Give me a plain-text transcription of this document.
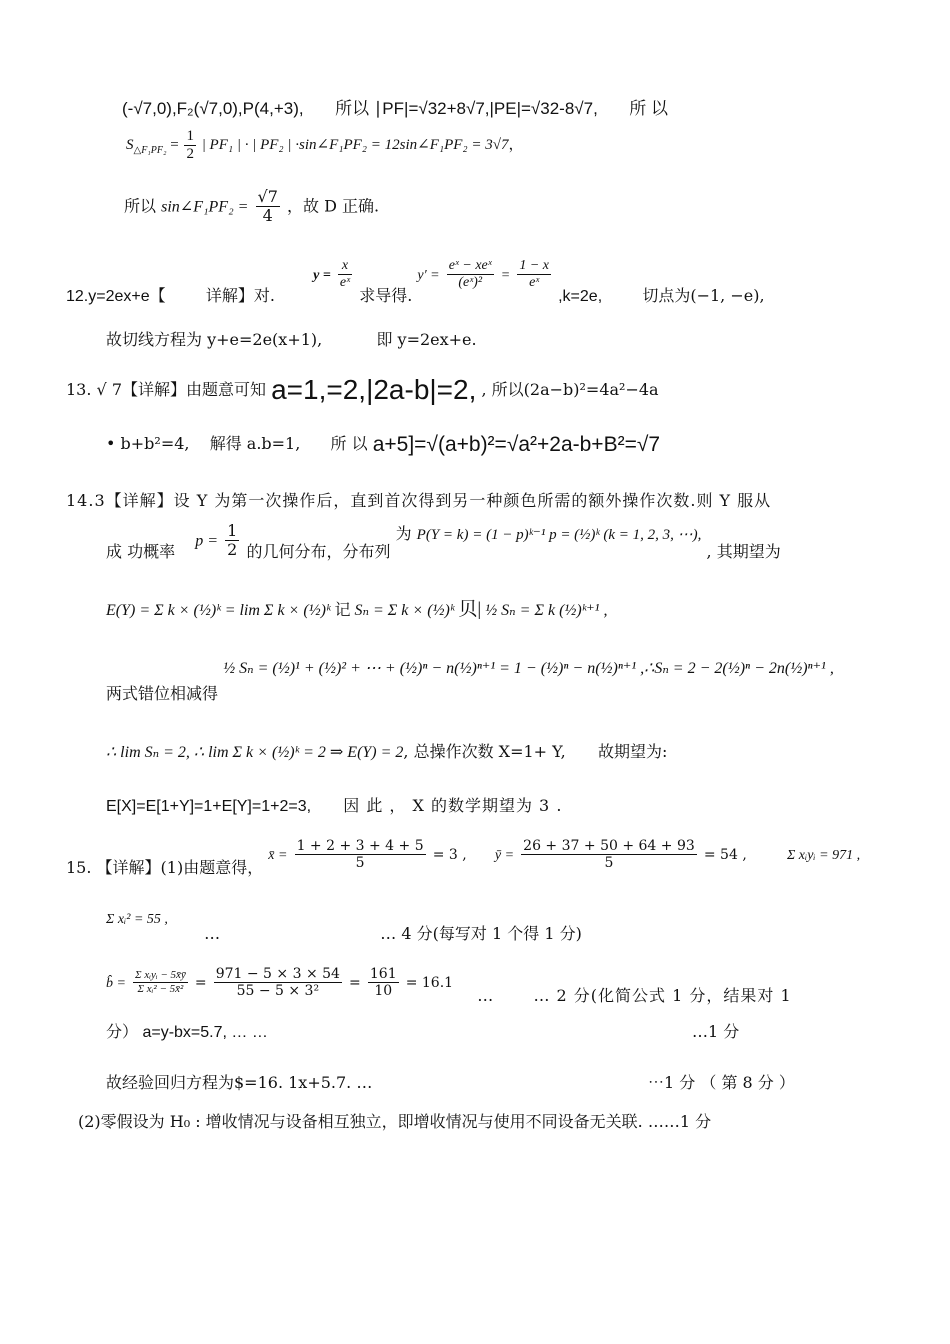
(-√7,0),F₂(√7,0),P(4,+3), 所以 ∣PF|=√32+8√7,|PE|=√32-8√7, 所 以
$S_{\triangle F_1PF_2} = \frac{1}{2}$ | PF₁ | · | PF₂ | ·sin∠F₁PF₂ = 12sin∠F₁PF₂ = 3√7，
所以 sin∠F₁PF₂ = $\frac{√7}{4}$ ，故 D 正确.
12.y=2ex+e【	详解】对.  $y = \frac{x}{\text{eˣ}}$
求导得. $y' = \frac{\text{eˣ − xeˣ}}{\text{(eˣ)²}} = \frac{1 - x}{\text{eˣ}}$
,k=2e,	切点为(−1, −e),
故切线方程为 y+e=2e(x+1),	即 y=2ex+e.
13. √ 7【详解】由题意可知 a=1,=2,|2a-b|=2, , 所以(2a−b)²=4a²−4a
• b+b²=4, 解得 a.b=1, 所 以 a+5]=√(a+b)²=√a²+2a-b+B²=√7
14.3【详解】设 Y 为第一次操作后，直到首次得到另一种颜色所需的额外操作次数.则 Y 服从
成 功概率  $p = \frac{1}{2}$ 的几何分布，分布列 为 P(Y = k) = (1 − p)ᵏ⁻¹ p = (½)ᵏ (k = 1, 2, 3, ⋯), , 其期望为
E(Y) = Σ k × (½)ᵏ = lim Σ k × (½)ᵏ 记 Sₙ = Σ k × (½)ᵏ 贝| ½ Sₙ = Σ k (½)ᵏ⁺¹ ,
两式错位相减得 ½ Sₙ = (½)¹ + (½)² + ⋯ + (½)ⁿ − n(½)ⁿ⁺¹ = 1 − (½)ⁿ − n(½)ⁿ⁺¹ ,∴Sₙ = 2 − 2(½)ⁿ − 2n(½)ⁿ⁺¹ ,
∴ lim Sₙ = 2, ∴ lim Σ k × (½)ᵏ = 2 ⇒ E(Y) = 2, 总操作次数 X=1+ Y, 故期望为:
E[X]=E[1+Y]=1+E[Y]=1+2=3, 因 此 ， X 的数学期望为 3 .
15. 【详解】(1)由题意得， x̄ = $\frac{1 + 2 + 3 + 4 + 5}{5} = 3$ , ȳ = $\frac{26 + 37 + 50 + 64 + 93}{5} = 54$ ,	Σ xᵢyᵢ = 971 ,
Σ xᵢ² = 55 ,  …	… 4 分(每写对 1 个得 1 分)
b̂ = $\frac{\text{Σ xᵢyᵢ − 5x̄ȳ}}{\text{Σ xᵢ² − 5x̄²}} = \frac{971 - 5 \times 3 \times 54}{\text{55 − 5 × 3²}} = \frac{161}{10} = 16.1$  …	… 2 分(化简公式 1 分，结果对 1
分） a=y-bx=5.7, … …	…1 分
故经验回归方程为$=16. 1x+5.7. …	⋯1 分 （ 第 8 分 ）
(2)零假设为 H₀ : 增收情况与设备相互独立，即增收情况与使用不同设备无关联. ……1 分
